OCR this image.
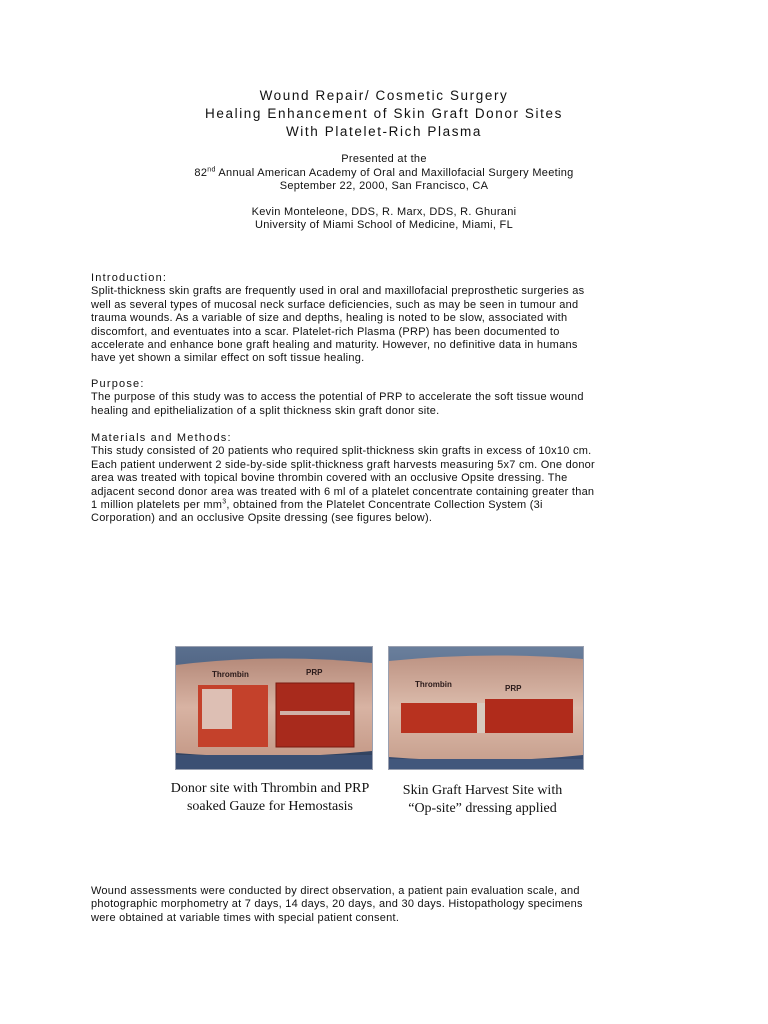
Wound Repair/ Cosmetic Surgery
Healing Enhancement of Skin Graft Donor Sites
With Platelet-Rich Plasma
Presented at the
82nd Annual American Academy of Oral and Maxillofacial Surgery Meeting
September 22, 2000, San Francisco, CA
Kevin Monteleone, DDS, R. Marx, DDS, R. Ghurani
University of Miami School of Medicine, Miami, FL
Introduction:
Split-thickness skin grafts are frequently used in oral and maxillofacial preprosthetic surgeries as
well as several types of mucosal neck surface deficiencies, such as may be seen in tumour and
trauma wounds. As a variable of size and depths, healing is noted to be slow, associated with
discomfort, and eventuates into a scar. Platelet-rich Plasma (PRP) has been documented to
accelerate and enhance bone graft healing and maturity. However, no definitive data in humans
have yet shown a similar effect on soft tissue healing.
Purpose:
The purpose of this study was to access the potential of PRP to accelerate the soft tissue wound
healing and epithelialization of a split thickness skin graft donor site.
Materials and Methods:
This study consisted of 20 patients who required split-thickness skin grafts in excess of 10x10 cm.
Each patient underwent 2 side-by-side split-thickness graft harvests measuring 5x7 cm. One donor
area was treated with topical bovine thrombin covered with an occlusive Opsite dressing. The
adjacent second donor area was treated with 6 ml of a platelet concentrate containing greater than
1 million platelets per $mm^3$, obtained from the Platelet Concentrate Collection System (3i
Corporation) and an occlusive Opsite dressing (see figures below).
Thrombin	PRP
Thrombin	PRP
Donor site with Thrombin and PRP
soaked Gauze for Hemostasis
Skin Graft Harvest Site with
“Op-site” dressing applied
Wound assessments were conducted by direct observation, a patient pain evaluation scale, and
photographic morphometry at 7 days, 14 days, 20 days, and 30 days. Histopathology specimens
were obtained at variable times with special patient consent.
